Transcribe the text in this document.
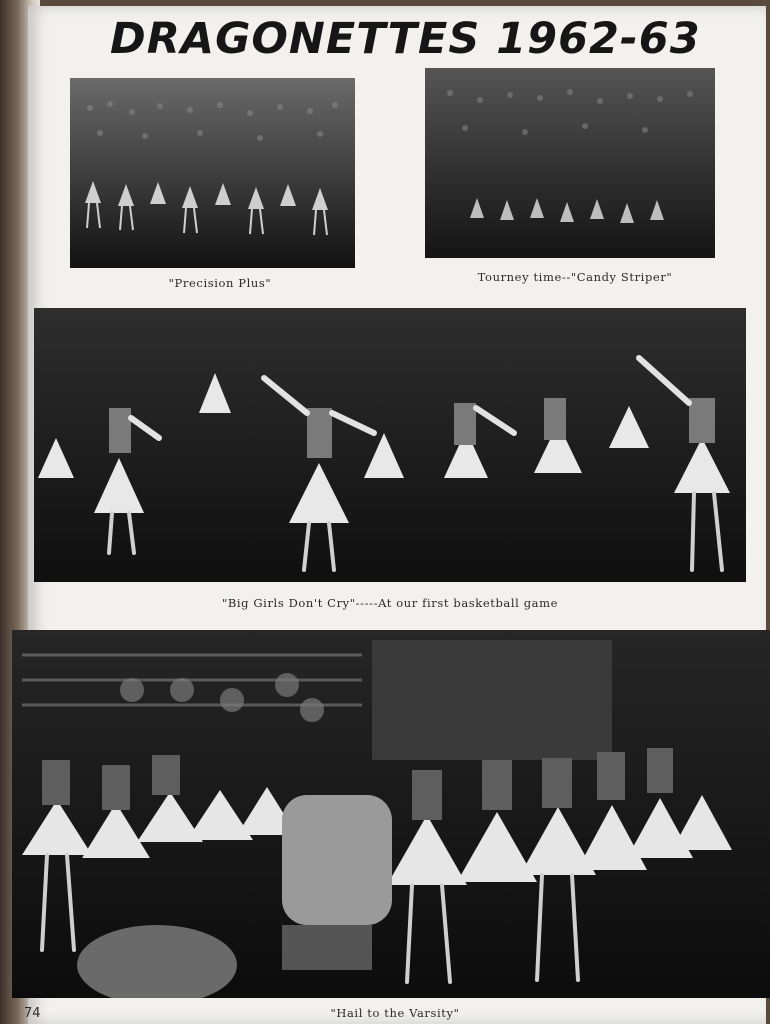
DRAGONETTES 1962-63
"Precision Plus"	Tourney time--"Candy Striper"
"Big Girls Don't Cry"-----At our first basketball game
"Hail to the Varsity"
74
